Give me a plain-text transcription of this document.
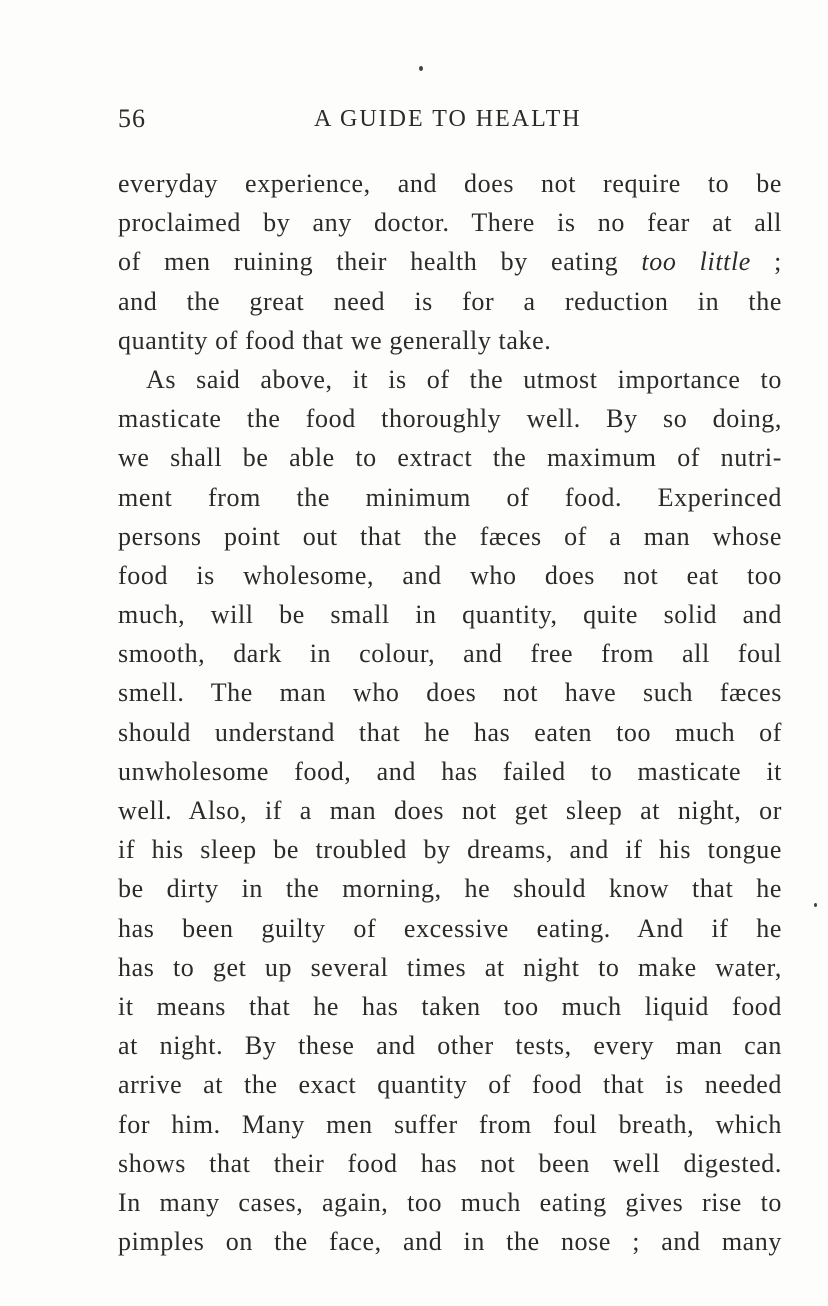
56	A GUIDE TO HEALTH
everyday experience, and does not require to be
proclaimed by any doctor. There is no fear at all
of men ruining their health by eating too little ;
and the great need is for a reduction in the
quantity of food that we generally take.
As said above, it is of the utmost importance to
masticate the food thoroughly well. By so doing,
we shall be able to extract the maximum of nutri-
ment from the minimum of food. Experinced
persons point out that the fæces of a man whose
food is wholesome, and who does not eat too
much, will be small in quantity, quite solid and
smooth, dark in colour, and free from all foul
smell. The man who does not have such fæces
should understand that he has eaten too much of
unwholesome food, and has failed to masticate it
well. Also, if a man does not get sleep at night, or
if his sleep be troubled by dreams, and if his tongue
be dirty in the morning, he should know that he
has been guilty of excessive eating. And if he
has to get up several times at night to make water,
it means that he has taken too much liquid food
at night. By these and other tests, every man can
arrive at the exact quantity of food that is needed
for him. Many men suffer from foul breath, which
shows that their food has not been well digested.
In many cases, again, too much eating gives rise to
pimples on the face, and in the nose ; and many
